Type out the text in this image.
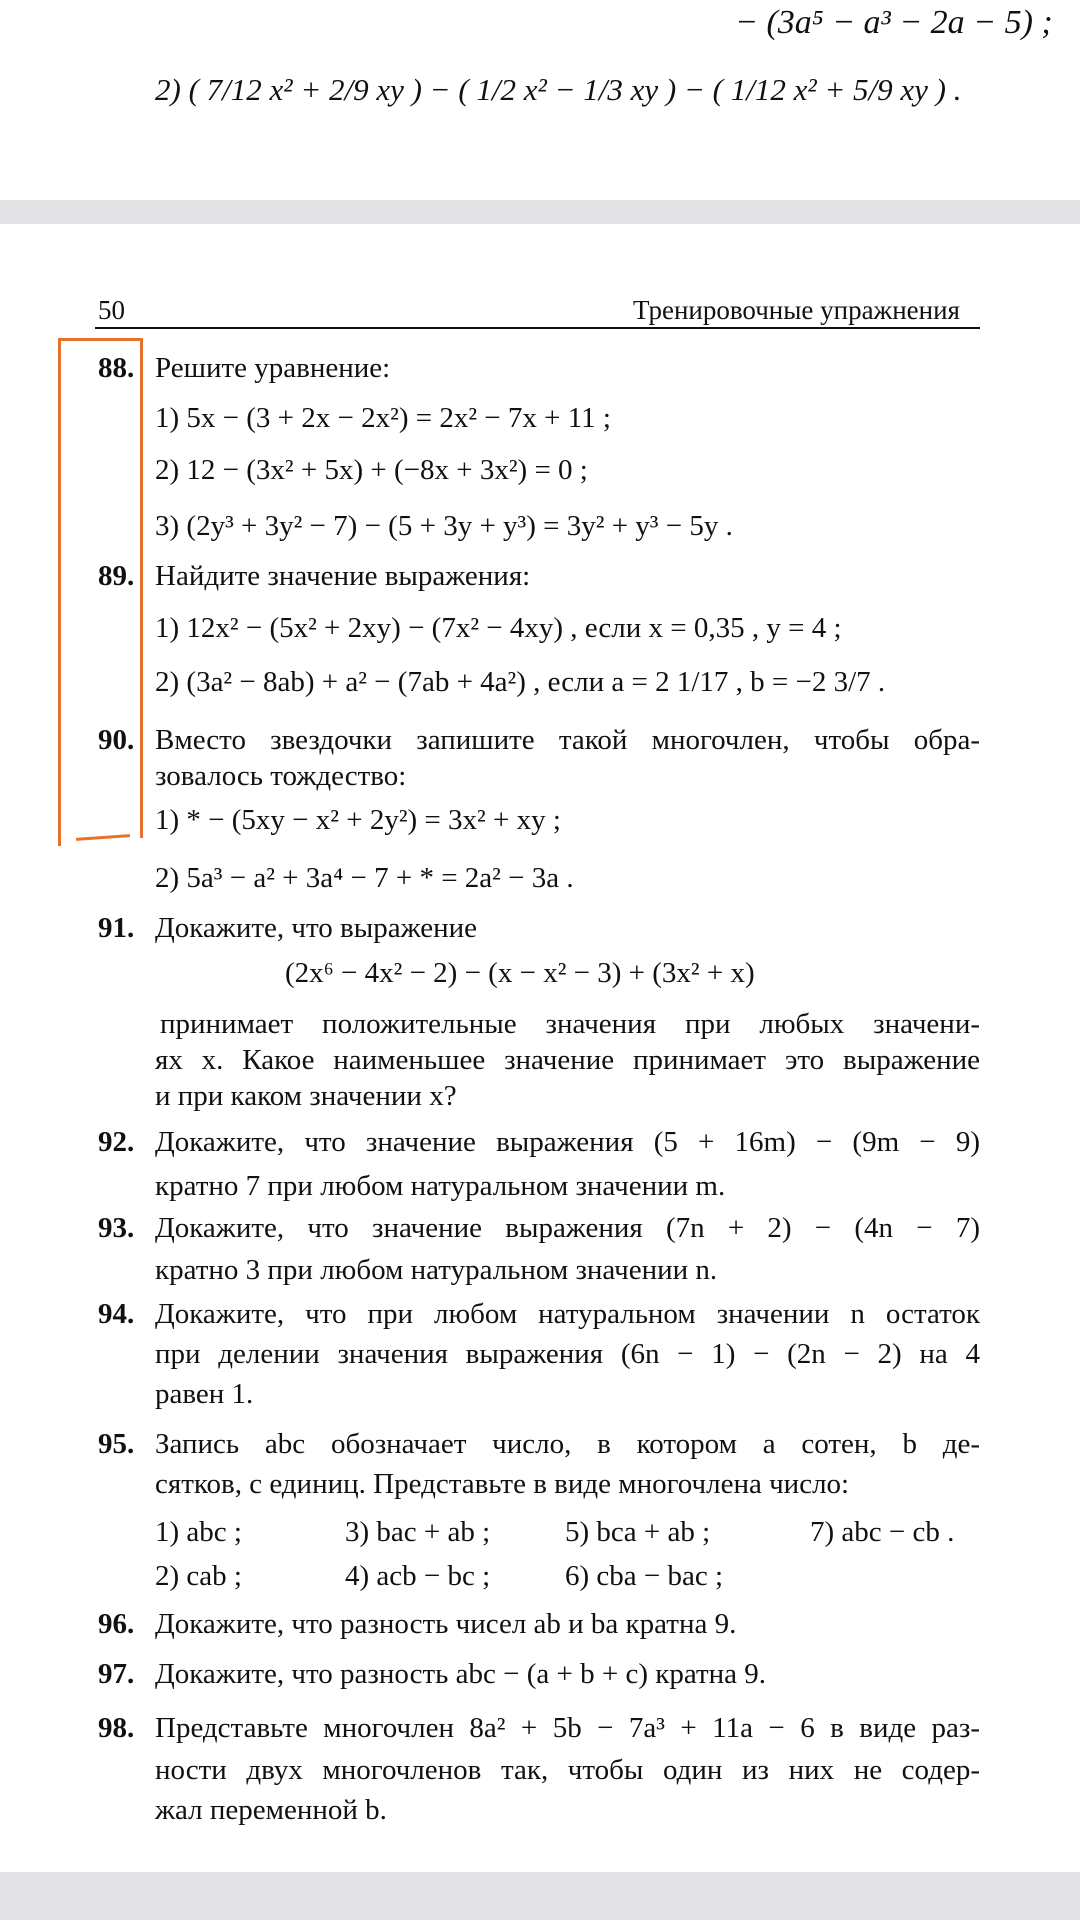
− (3a⁵ − a³ − 2a − 5) ;
2) ( 7/12 x² + 2/9 xy ) − ( 1/2 x² − 1/3 xy ) − ( 1/12 x² + 5/9 xy ) .
50	Тренировочные упражнения
88. Решите уравнение:
1) 5x − (3 + 2x − 2x²) = 2x² − 7x + 11 ;
2) 12 − (3x² + 5x) + (−8x + 3x²) = 0 ;
3) (2y³ + 3y² − 7) − (5 + 3y + y³) = 3y² + y³ − 5y .
89. Найдите значение выражения:
1) 12x² − (5x² + 2xy) − (7x² − 4xy) , если x = 0,35 , y = 4 ;
2) (3a² − 8ab) + a² − (7ab + 4a²) , если a = 2 1/17 , b = −2 3/7 .
90. Вместо звездочки запишите такой многочлен, чтобы обра-
зовалось тождество:
1) * − (5xy − x² + 2y²) = 3x² + xy ;
2) 5a³ − a² + 3a⁴ − 7 + * = 2a² − 3a .
91. Докажите, что выражение
(2x⁶ − 4x² − 2) − (x − x² − 3) + (3x² + x)
принимает положительные значения при любых значени-
ях x. Какое наименьшее значение принимает это выражение
и при каком значении x?
92. Докажите, что значение выражения (5 + 16m) − (9m − 9)
кратно 7 при любом натуральном значении m.
93. Докажите, что значение выражения (7n + 2) − (4n − 7)
кратно 3 при любом натуральном значении n.
94. Докажите, что при любом натуральном значении n остаток
при делении значения выражения (6n − 1) − (2n − 2) на 4
равен 1.
95. Запись abc обозначает число, в котором a сотен, b де-
сятков, c единиц. Представьте в виде многочлена число:
1) abc ;	3) bac + ab ;	5) bca + ab ;	7) abc − cb .
2) cab ;	4) acb − bc ;	6) cba − bac ;
96. Докажите, что разность чисел ab и ba кратна 9.
97. Докажите, что разность abc − (a + b + c) кратна 9.
98. Представьте многочлен 8a² + 5b − 7a³ + 11a − 6 в виде раз-
ности двух многочленов так, чтобы один из них не содер-
жал переменной b.
